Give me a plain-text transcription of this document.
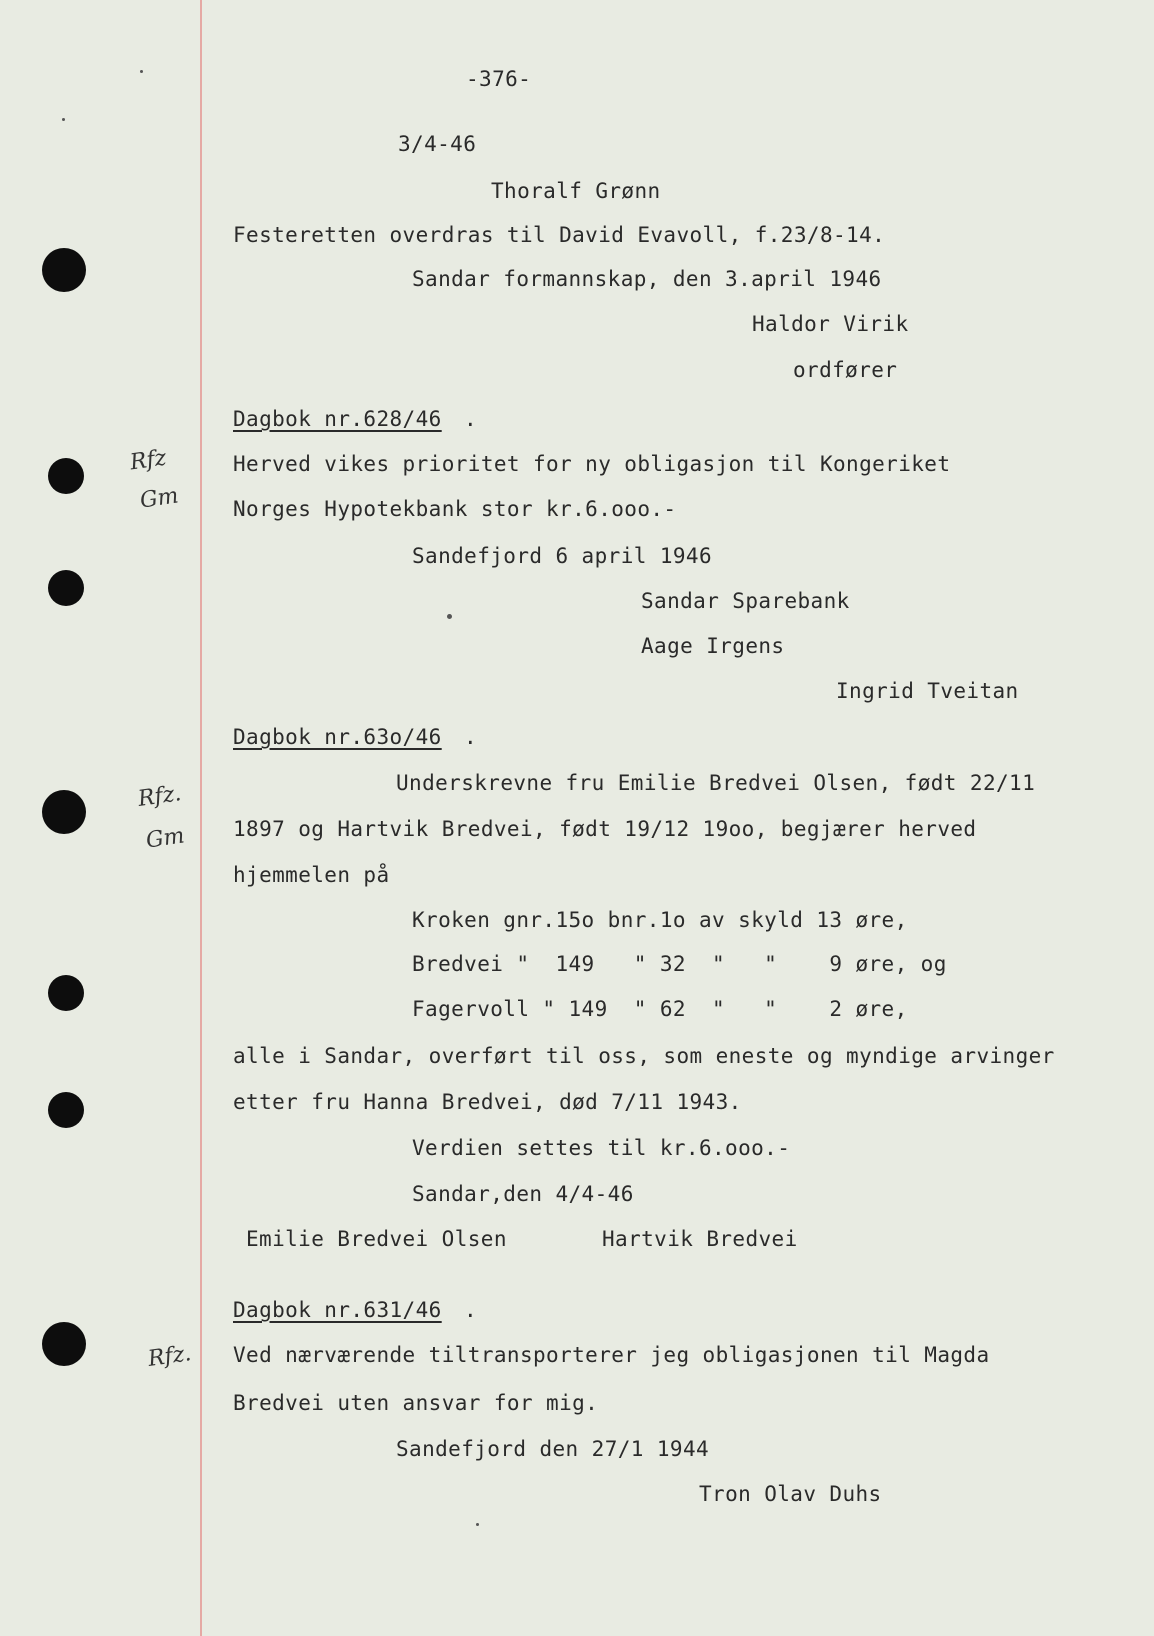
-376-
3/4-46
Thoralf Grønn
Festeretten overdras til David Evavoll, f.23/8-14.
Sandar formannskap, den 3.april 1946
Haldor Virik
ordfører
Dagbok nr.628/46 .
Herved vikes prioritet for ny obligasjon til Kongeriket
Norges Hypotekbank stor kr.6.ooo.-
Sandefjord 6 april 1946
Sandar Sparebank
Aage Irgens
Ingrid Tveitan
Dagbok nr.63o/46 .
Underskrevne fru Emilie Bredvei Olsen, født 22/11
1897 og Hartvik Bredvei, født 19/12 19oo, begjærer herved
hjemmelen på
Kroken gnr.15o bnr.1o av skyld 13 øre,
Bredvei "  149   " 32  "   "    9 øre, og
Fagervoll " 149  " 62  "   "    2 øre,
alle i Sandar, overført til oss, som eneste og myndige arvinger
etter fru Hanna Bredvei, død 7/11 1943.
Verdien settes til kr.6.ooo.-
Sandar,den 4/4-46
Emilie Bredvei Olsen	Hartvik Bredvei
Dagbok nr.631/46 .
Ved nærværende tiltransporterer jeg obligasjonen til Magda
Bredvei uten ansvar for mig.
Sandefjord den 27/1 1944
Tron Olav Duhs
Rfz
Gm
Rfz.
Gm
Rfz.
